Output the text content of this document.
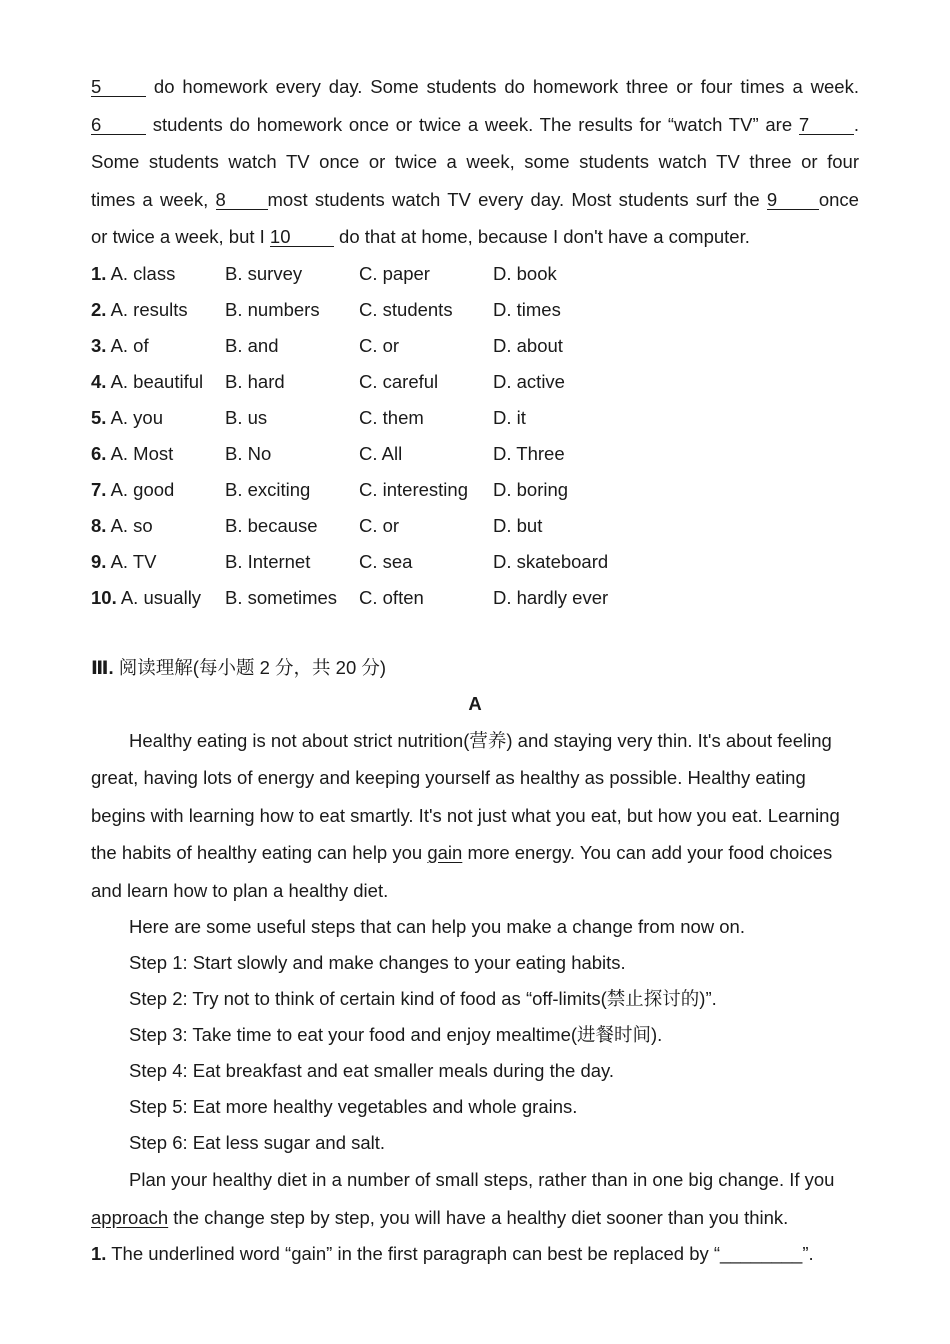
5 do homework every day. Some students do homework three or four times a week.
6 students do homework once or twice a week. The results for “watch TV” are 7 .
Some students watch TV once or twice a week, some students watch TV three or four
times a week, 8 most students watch TV every day. Most students surf the 9 once
or twice a week, but I 10 do that at home, because I don't have a computer.
1. A. class	B. survey	C. paper	D. book
2. A. results	B. numbers	C. students	D. times
3. A. of	B. and	C. or	D. about
4. A. beautiful	B. hard	C. careful	D. active
5. A. you	B. us	C. them	D. it
6. A. Most	B. No	C. All	D. Three
7. A. good	B. exciting	C. interesting	D. boring
8. A. so	B. because	C. or	D. but
9. A. TV	B. Internet	C. sea	D. skateboard
10. A. usually	B. sometimes	C. often	D. hardly ever
Ⅲ. 阅读理解(每小题 2 分，共 20 分)
A
Healthy eating is not about strict nutrition(营养) and staying very thin. It's about feeling great, having lots of energy and keeping yourself as healthy as possible. Healthy eating begins with learning how to eat smartly. It's not just what you eat, but how you eat. Learning the habits of healthy eating can help you gain more energy. You can add your food choices and learn how to plan a healthy diet.
Here are some useful steps that can help you make a change from now on.
Step 1: Start slowly and make changes to your eating habits.
Step 2: Try not to think of certain kind of food as “off-limits(禁止探讨的)”.
Step 3: Take time to eat your food and enjoy mealtime(进餐时间).
Step 4: Eat breakfast and eat smaller meals during the day.
Step 5: Eat more healthy vegetables and whole grains.
Step 6: Eat less sugar and salt.
Plan your healthy diet in a number of small steps, rather than in one big change. If you approach the change step by step, you will have a healthy diet sooner than you think.
1. The underlined word “gain” in the first paragraph can best be replaced by “________”.
